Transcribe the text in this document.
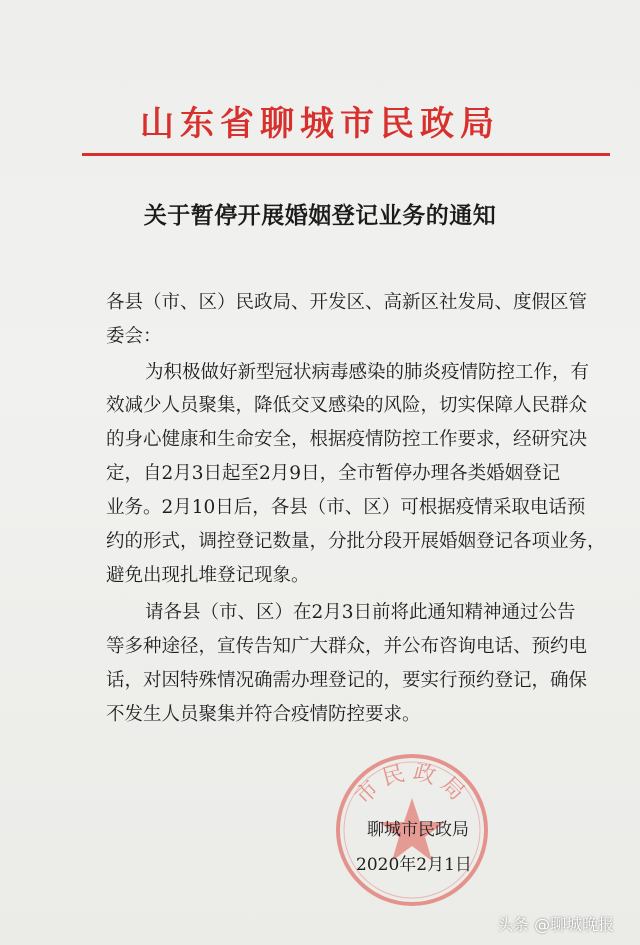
山东省聊城市民政局
关于暂停开展婚姻登记业务的通知
各县（市、区）民政局、开发区、高新区社发局、度假区管
委会：
为积极做好新型冠状病毒感染的肺炎疫情防控工作，有
效减少人员聚集，降低交叉感染的风险，切实保障人民群众
的身心健康和生命安全，根据疫情防控工作要求，经研究决
定，自2月3日起至2月9日，全市暂停办理各类婚姻登记
业务。2月10日后，各县（市、区）可根据疫情采取电话预
约的形式，调控登记数量，分批分段开展婚姻登记各项业务，
避免出现扎堆登记现象。
请各县（市、区）在2月3日前将此通知精神通过公告
等多种途径，宣传告知广大群众，并公布咨询电话、预约电
话，对因特殊情况确需办理登记的，要实行预约登记，确保
不发生人员聚集并符合疫情防控要求。
市民政局
聊城市民政局
2020年2月1日
头条 @聊城晚报
